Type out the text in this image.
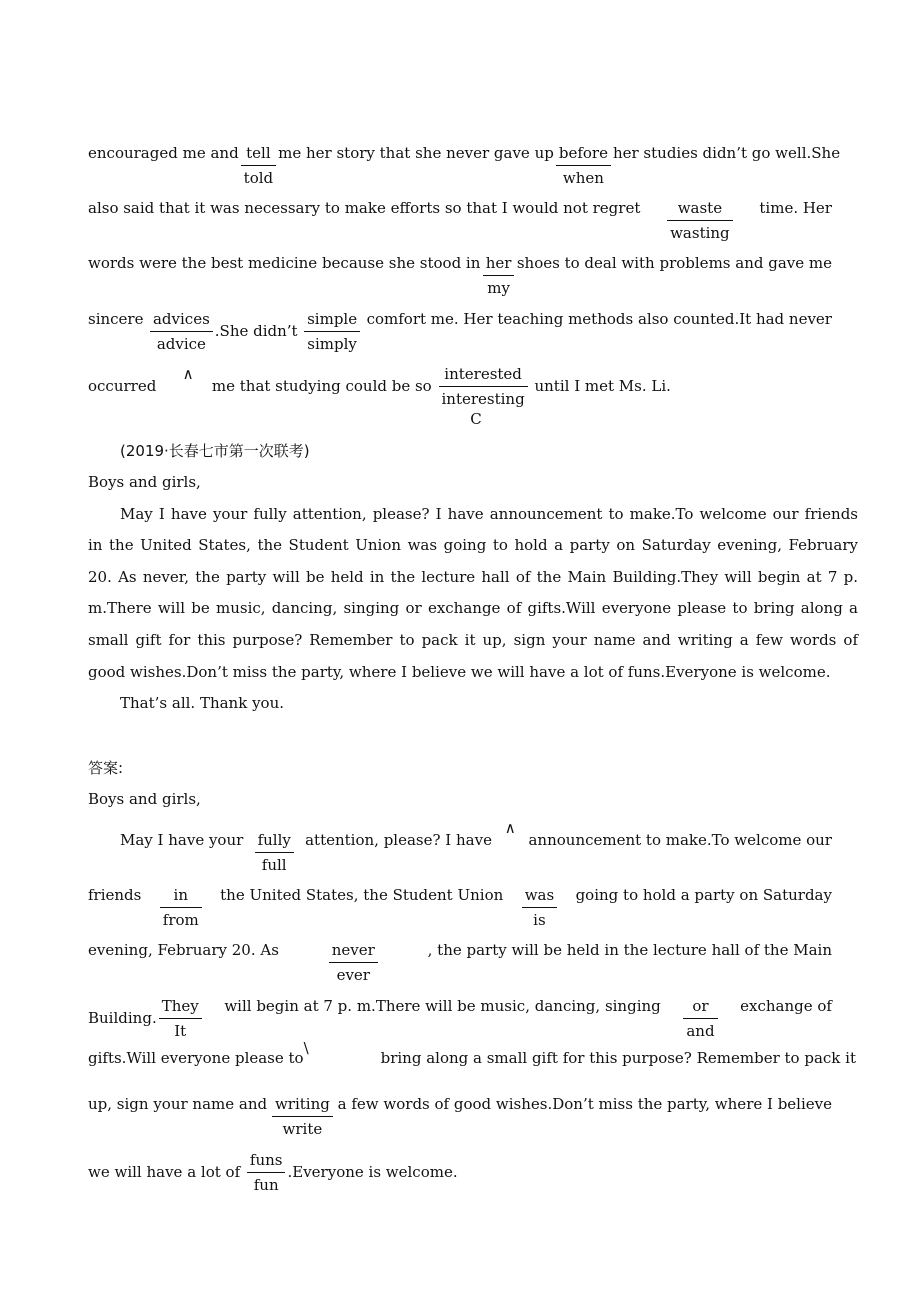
encouraged me and $\frac{\text{tell}}{\text{told}}$ me her story that she never gave up $\frac{\text{before}}{\text{when}}$ her studies didn’t go well.She
also said that it was necessary to make efforts so that I would not regret $\frac{\text{waste}}{\text{wasting}}$ time. Her
words were the best medicine because she stood in $\frac{\text{her}}{my}$ shoes to deal with problems and gave me
sincere $\frac{\text{advices}}{\text{advice}} .She$ didn’t $\frac{\text{simple}}{\text{simply}}$ comfort me. Her teaching methods also counted.It had never
occurred ∧ me that studying could be so $\frac{\text{interested}}{\text{interesting}}$ until I met Ms. Li.
C
(2019·长春七市第一次联考)
Boys and girls,
May I have your fully attention, please? I have announcement to make.To welcome our friends in the United States, the Student Union was going to hold a party on Saturday evening, February 20. As never, the party will be held in the lecture hall of the Main Building.They will begin at 7 p. m.There will be music, dancing, singing or exchange of gifts.Will everyone please to bring along a small gift for this purpose? Remember to pack it up, sign your name and writing a few words of good wishes.Don’t miss the party, where I believe we will have a lot of funs.Everyone is welcome.
That’s all. Thank you.
答案:
Boys and girls,
May I have your $\frac{\text{fully}}{\text{full}}$ attention, please? I have
∧
announcement to make.To welcome our
friends $\frac{in}{\text{from}}$ the United States, the Student Union $\frac{\text{was}}{is}$ going to hold a party on Saturday
evening, February 20. As	$\frac{\text{never}}{\text{ever}}$	, the party will be held in the lecture hall of the Main
Building. $\frac{\text{They}}{It}$ will begin at 7 p. m.There will be music, dancing, singing $\frac{or}{\text{and}}$ exchange of
gifts.Will everyone please to\
bring along a small gift for this purpose? Remember to pack it
up, sign your name and $\frac{\text{writing}}{\text{write}}$ a few words of good wishes.Don’t miss the party, where I believe
we will have a lot of $\frac{\text{funs}}{\text{fun}}$ .Everyone is welcome.
